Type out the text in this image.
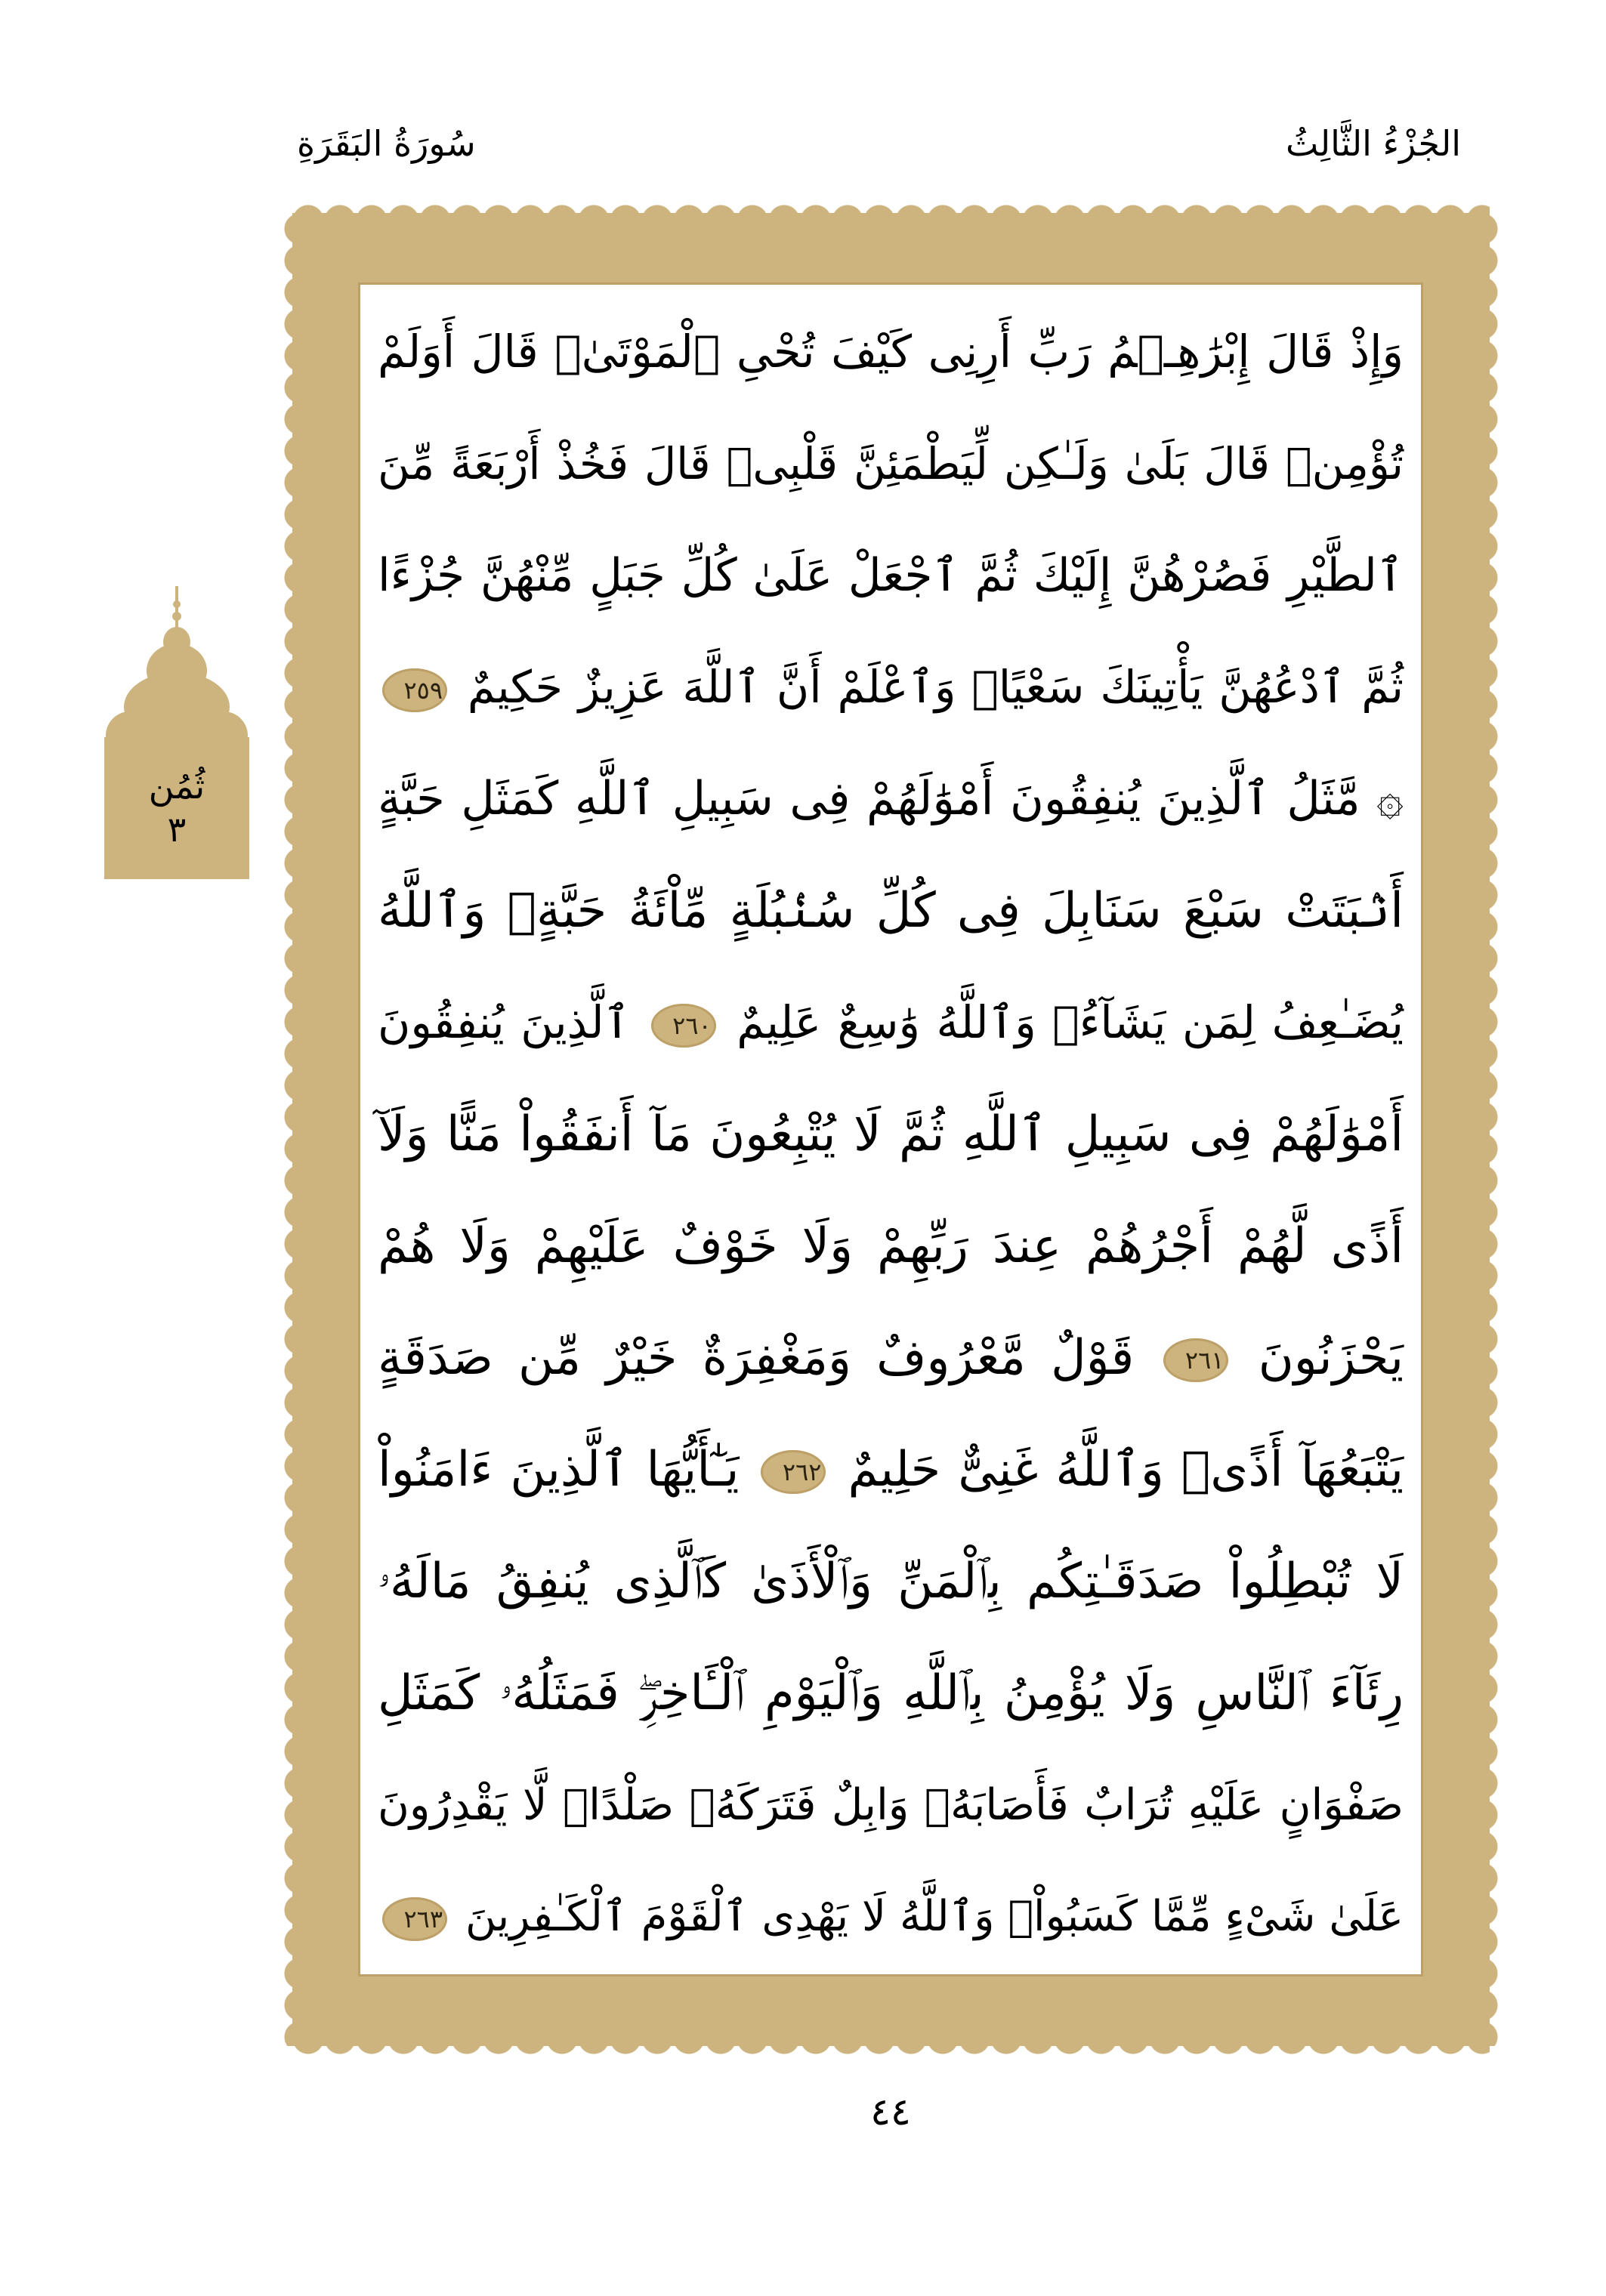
الجُزْءُ الثَّالِثُ
سُورَةُ البَقَرَةِ
ثُمُن
٣
وَإِذْ قَالَ إِبْرَٰهِـۧمُ رَبِّ أَرِنِى كَيْفَ تُحْىِ ٱلْمَوْتَىٰۖ قَالَ أَوَلَمْ
تُؤْمِنۖ قَالَ بَلَىٰ وَلَـٰكِن لِّيَطْمَئِنَّ قَلْبِىۖ قَالَ فَخُذْ أَرْبَعَةً مِّنَ
ٱلطَّيْرِ فَصُرْهُنَّ إِلَيْكَ ثُمَّ ٱجْعَلْ عَلَىٰ كُلِّ جَبَلٍ مِّنْهُنَّ جُزْءًا
ثُمَّ ٱدْعُهُنَّ يَأْتِينَكَ سَعْيًاۚ وَٱعْلَمْ أَنَّ ٱللَّهَ عَزِيزٌ حَكِيمٌ ٢٥٩
۞ مَّثَلُ ٱلَّذِينَ يُنفِقُونَ أَمْوَٰلَهُمْ فِى سَبِيلِ ٱللَّهِ كَمَثَلِ حَبَّةٍ
أَنۢبَتَتْ سَبْعَ سَنَابِلَ فِى كُلِّ سُنۢبُلَةٍ مِّاْئَةُ حَبَّةٍۗ وَٱللَّهُ
يُضَـٰعِفُ لِمَن يَشَآءُۗ وَٱللَّهُ وَٰسِعٌ عَلِيمٌ ٢٦٠ ٱلَّذِينَ يُنفِقُونَ
أَمْوَٰلَهُمْ فِى سَبِيلِ ٱللَّهِ ثُمَّ لَا يُتْبِعُونَ مَآ أَنفَقُواْ مَنًّا وَلَآ
أَذًى لَّهُمْ أَجْرُهُمْ عِندَ رَبِّهِمْ وَلَا خَوْفٌ عَلَيْهِمْ وَلَا هُمْ
يَحْزَنُونَ ٢٦١ قَوْلٌ مَّعْرُوفٌ وَمَغْفِرَةٌ خَيْرٌ مِّن صَدَقَةٍ
يَتْبَعُهَآ أَذًىۗ وَٱللَّهُ غَنِىٌّ حَلِيمٌ ٢٦٢ يَـٰٓأَيُّهَا ٱلَّذِينَ ءَامَنُواْ
لَا تُبْطِلُواْ صَدَقَـٰتِكُم بِٱلْمَنِّ وَٱلْأَذَىٰ كَٱلَّذِى يُنفِقُ مَالَهُۥ
رِئَآءَ ٱلنَّاسِ وَلَا يُؤْمِنُ بِٱللَّهِ وَٱلْيَوْمِ ٱلْـَٔاخِرِۖ فَمَثَلُهُۥ كَمَثَلِ
صَفْوَانٍ عَلَيْهِ تُرَابٌ فَأَصَابَهُۥ وَابِلٌ فَتَرَكَهُۥ صَلْدًاۖ لَّا يَقْدِرُونَ
عَلَىٰ شَىْءٍ مِّمَّا كَسَبُواْۗ وَٱللَّهُ لَا يَهْدِى ٱلْقَوْمَ ٱلْكَـٰفِرِينَ ٢٦٣
٤٤
